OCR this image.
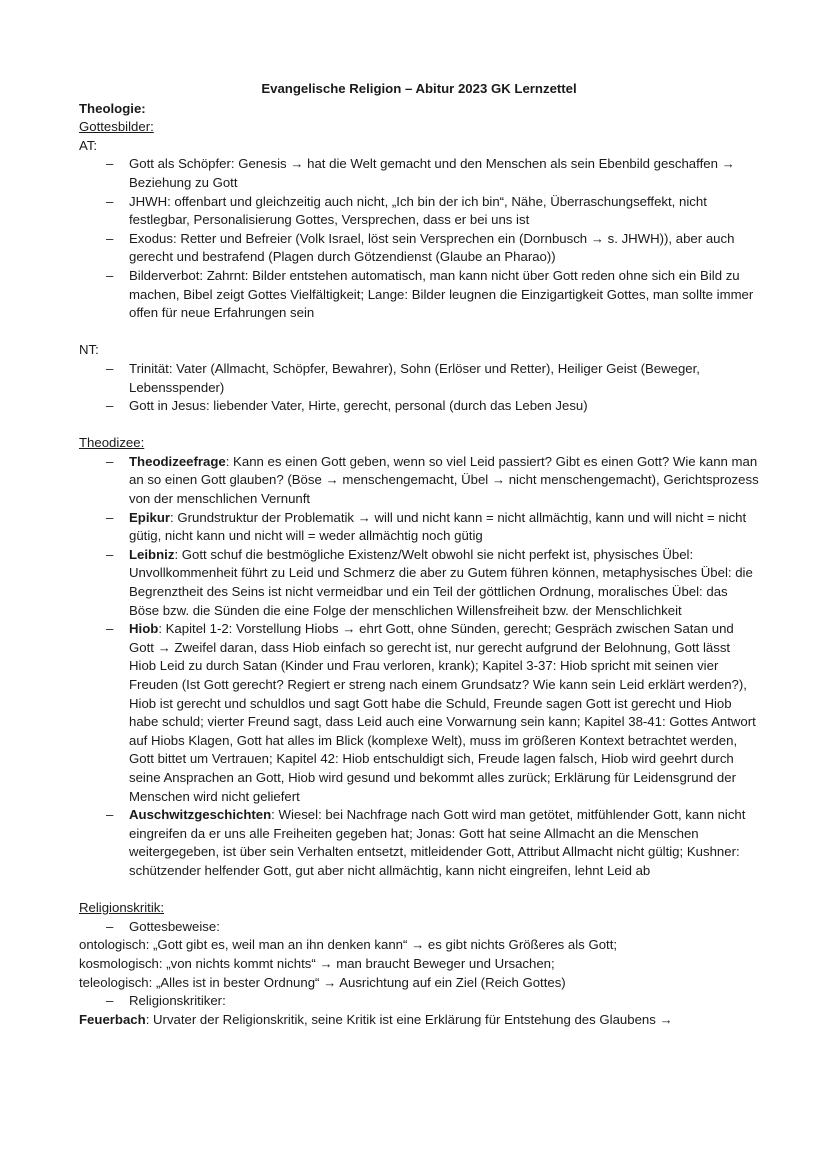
Evangelische Religion – Abitur 2023 GK Lernzettel
Theologie:
Gottesbilder:
AT:
– Gott als Schöpfer: Genesis → hat die Welt gemacht und den Menschen als sein Ebenbild geschaffen → Beziehung zu Gott
– JHWH: offenbart und gleichzeitig auch nicht, „Ich bin der ich bin“, Nähe, Überraschungseffekt, nicht festlegbar, Personalisierung Gottes, Versprechen, dass er bei uns ist
– Exodus: Retter und Befreier (Volk Israel, löst sein Versprechen ein (Dornbusch → s. JHWH)), aber auch gerecht und bestrafend (Plagen durch Götzendienst (Glaube an Pharao))
– Bilderverbot: Zahrnt: Bilder entstehen automatisch, man kann nicht über Gott reden ohne sich ein Bild zu machen, Bibel zeigt Gottes Vielfältigkeit; Lange: Bilder leugnen die Einzigartigkeit Gottes, man sollte immer offen für neue Erfahrungen sein
NT:
– Trinität: Vater (Allmacht, Schöpfer, Bewahrer), Sohn (Erlöser und Retter), Heiliger Geist (Beweger, Lebensspender)
– Gott in Jesus: liebender Vater, Hirte, gerecht, personal (durch das Leben Jesu)
Theodizee:
– Theodizeefrage: Kann es einen Gott geben, wenn so viel Leid passiert? Gibt es einen Gott? Wie kann man an so einen Gott glauben? (Böse → menschengemacht, Übel → nicht menschengemacht), Gerichtsprozess von der menschlichen Vernunft
– Epikur: Grundstruktur der Problematik → will und nicht kann = nicht allmächtig, kann und will nicht = nicht gütig, nicht kann und nicht will = weder allmächtig noch gütig
– Leibniz: Gott schuf die bestmögliche Existenz/Welt obwohl sie nicht perfekt ist, physisches Übel: Unvollkommenheit führt zu Leid und Schmerz die aber zu Gutem führen können, metaphysisches Übel: die Begrenztheit des Seins ist nicht vermeidbar und ein Teil der göttlichen Ordnung, moralisches Übel: das Böse bzw. die Sünden die eine Folge der menschlichen Willensfreiheit bzw. der Menschlichkeit
– Hiob: Kapitel 1-2: Vorstellung Hiobs → ehrt Gott, ohne Sünden, gerecht; Gespräch zwischen Satan und Gott → Zweifel daran, dass Hiob einfach so gerecht ist, nur gerecht aufgrund der Belohnung, Gott lässt Hiob Leid zu durch Satan (Kinder und Frau verloren, krank); Kapitel 3-37: Hiob spricht mit seinen vier Freuden (Ist Gott gerecht? Regiert er streng nach einem Grundsatz? Wie kann sein Leid erklärt werden?), Hiob ist gerecht und schuldlos und sagt Gott habe die Schuld, Freunde sagen Gott ist gerecht und Hiob habe schuld; vierter Freund sagt, dass Leid auch eine Vorwarnung sein kann; Kapitel 38-41: Gottes Antwort auf Hiobs Klagen, Gott hat alles im Blick (komplexe Welt), muss im größeren Kontext betrachtet werden, Gott bittet um Vertrauen; Kapitel 42: Hiob entschuldigt sich, Freude lagen falsch, Hiob wird geehrt durch seine Ansprachen an Gott, Hiob wird gesund und bekommt alles zurück; Erklärung für Leidensgrund der Menschen wird nicht geliefert
– Auschwitzgeschichten: Wiesel: bei Nachfrage nach Gott wird man getötet, mitfühlender Gott, kann nicht eingreifen da er uns alle Freiheiten gegeben hat; Jonas: Gott hat seine Allmacht an die Menschen weitergegeben, ist über sein Verhalten entsetzt, mitleidender Gott, Attribut Allmacht nicht gültig; Kushner: schützender helfender Gott, gut aber nicht allmächtig, kann nicht eingreifen, lehnt Leid ab
Religionskritik:
– Gottesbeweise:
ontologisch: „Gott gibt es, weil man an ihn denken kann“ → es gibt nichts Größeres als Gott;
kosmologisch: „von nichts kommt nichts“ → man braucht Beweger und Ursachen;
teleologisch: „Alles ist in bester Ordnung“ → Ausrichtung auf ein Ziel (Reich Gottes)
– Religionskritiker:
Feuerbach: Urvater der Religionskritik, seine Kritik ist eine Erklärung für Entstehung des Glaubens →
